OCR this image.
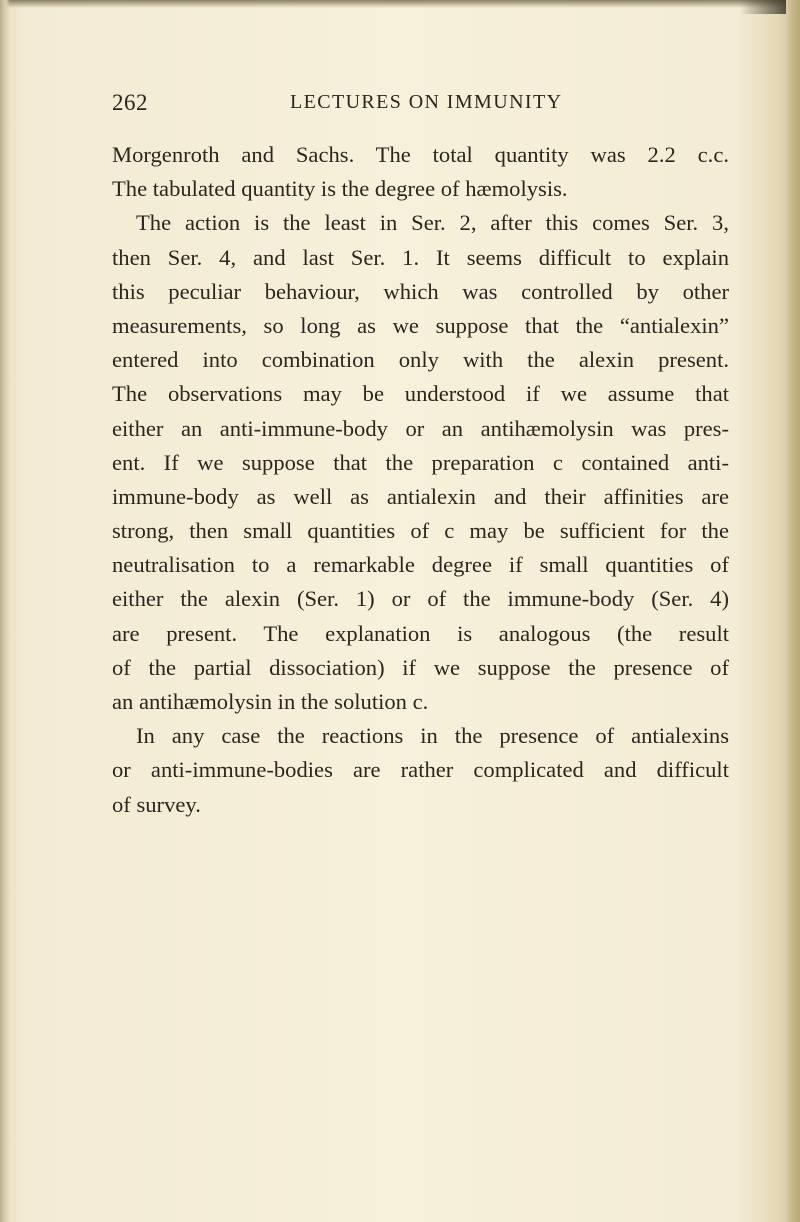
262	LECTURES ON IMMUNITY
Morgenroth and Sachs. The total quantity was 2.2 c.c.
The tabulated quantity is the degree of hæmolysis.
The action is the least in Ser. 2, after this comes Ser. 3,
then Ser. 4, and last Ser. 1. It seems difficult to explain
this peculiar behaviour, which was controlled by other
measurements, so long as we suppose that the “antialexin”
entered into combination only with the alexin present.
The observations may be understood if we assume that
either an anti-immune-body or an antihæmolysin was pres-
ent. If we suppose that the preparation c contained anti-
immune-body as well as antialexin and their affinities are
strong, then small quantities of c may be sufficient for the
neutralisation to a remarkable degree if small quantities of
either the alexin (Ser. 1) or of the immune-body (Ser. 4)
are present. The explanation is analogous (the result
of the partial dissociation) if we suppose the presence of
an antihæmolysin in the solution c.
In any case the reactions in the presence of antialexins
or anti-immune-bodies are rather complicated and difficult
of survey.
